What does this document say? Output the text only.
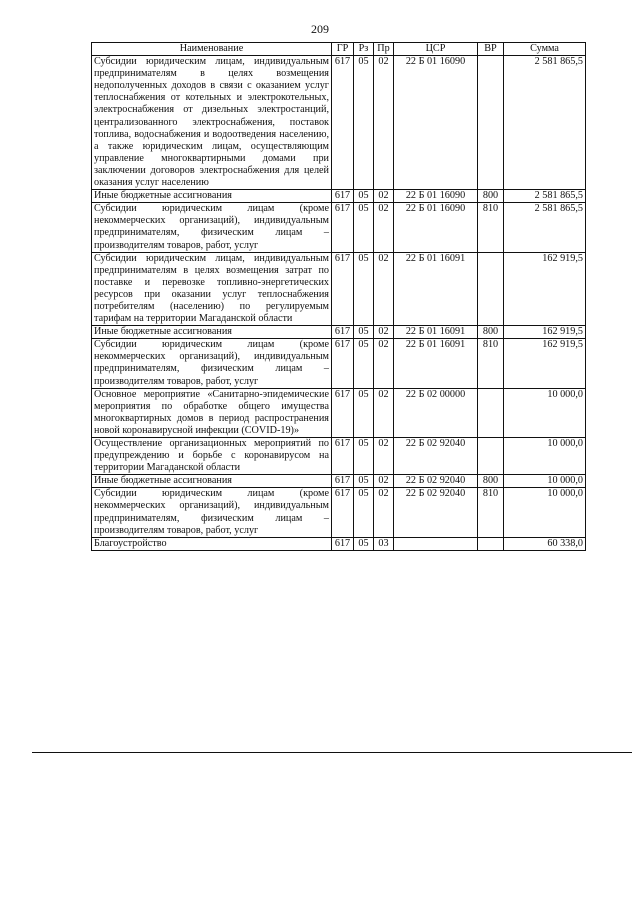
209
Наименование	ГР	Рз	Пр	ЦСР	ВР	Сумма
Субсидии юридическим лицам, индивидуальным предпринимателям в целях возмещения недополученных доходов в связи с оказанием услуг теплоснабжения от котельных и электрокотельных, электроснабжения от дизельных электростанций, централизованного электроснабжения, поставок топлива, водоснабжения и водоотведения населению, а также юридическим лицам, осуществляющим управление многоквартирными домами при заключении договоров электроснабжения для целей оказания услуг населению	617	05	02	22 Б 01 16090		2 581 865,5
Иные бюджетные ассигнования	617	05	02	22 Б 01 16090	800	2 581 865,5
Субсидии юридическим лицам (кроме некоммерческих организаций), индивидуальным предпринимателям, физическим лицам – производителям товаров, работ, услуг	617	05	02	22 Б 01 16090	810	2 581 865,5
Субсидии юридическим лицам, индивидуальным предпринимателям в целях возмещения затрат по поставке и перевозке топливно-энергетических ресурсов при оказании услуг теплоснабжения потребителям (населению) по регулируемым тарифам на территории Магаданской области	617	05	02	22 Б 01 16091		162 919,5
Иные бюджетные ассигнования	617	05	02	22 Б 01 16091	800	162 919,5
Субсидии юридическим лицам (кроме некоммерческих организаций), индивидуальным предпринимателям, физическим лицам – производителям товаров, работ, услуг	617	05	02	22 Б 01 16091	810	162 919,5
Основное мероприятие «Санитарно-эпидемические мероприятия по обработке общего имущества многоквартирных домов в период распространения новой коронавирусной инфекции (COVID-19)»	617	05	02	22 Б 02 00000		10 000,0
Осуществление организационных мероприятий по предупреждению и борьбе с коронавирусом на территории Магаданской области	617	05	02	22 Б 02 92040		10 000,0
Иные бюджетные ассигнования	617	05	02	22 Б 02 92040	800	10 000,0
Субсидии юридическим лицам (кроме некоммерческих организаций), индивидуальным предпринимателям, физическим лицам – производителям товаров, работ, услуг	617	05	02	22 Б 02 92040	810	10 000,0
Благоустройство	617	05	03			60 338,0
